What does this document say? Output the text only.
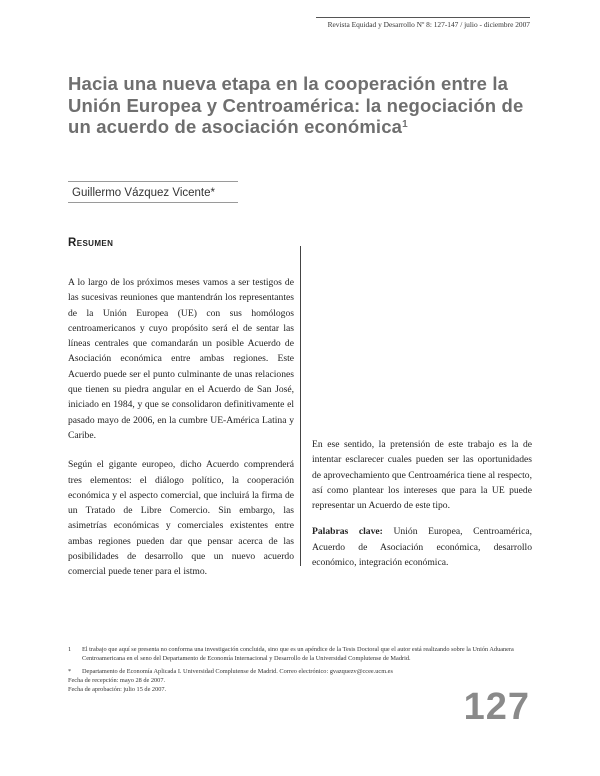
Revista Equidad y Desarrollo Nº 8: 127-147 / julio - diciembre 2007
Hacia una nueva etapa en la cooperación entre la Unión Europea y Centroamérica: la negociación de un acuerdo de asociación económica$^1$
Guillermo Vázquez Vicente*
Resumen

A lo largo de los próximos meses vamos a ser testigos de las sucesivas reuniones que mantendrán los representantes de la Unión Europea (UE) con sus homólogos centroamericanos y cuyo propósito será el de sentar las líneas centrales que comandarán un posible Acuerdo de Asociación económica entre ambas regiones. Este Acuerdo puede ser el punto culminante de unas relaciones que tienen su piedra angular en el Acuerdo de San José, iniciado en 1984, y que se consolidaron definitivamente el pasado mayo de 2006, en la cumbre UE-América Latina y Caribe.

Según el gigante europeo, dicho Acuerdo comprenderá tres elementos: el diálogo político, la cooperación económica y el aspecto comercial, que incluirá la firma de un Tratado de Libre Comercio. Sin embargo, las asimetrías económicas y comerciales existentes entre ambas regiones pueden dar que pensar acerca de las posibilidades de desarrollo que un nuevo acuerdo comercial puede tener para el istmo.

En ese sentido, la pretensión de este trabajo es la de intentar esclarecer cuales pueden ser las oportunidades de aprovechamiento que Centroamérica tiene al respecto, así como plantear los intereses que para la UE puede representar un Acuerdo de este tipo.

Palabras clave: Unión Europea, Centroamérica, Acuerdo de Asociación económica, desarrollo económico, integración económica.

1	El trabajo que aquí se presenta no conforma una investigación concluida, sino que es un apéndice de la Tesis Doctoral que el autor está realizando sobre la Unión Aduanera Centroamericana en el seno del Departamento de Economía Internacional y Desarrollo de la Universidad Complutense de Madrid.
*	Departamento de Economía Aplicada I. Universidad Complutense de Madrid. Correo electrónico: gvazquezv@ccee.ucm.es

Fecha de recepción: mayo 28 de 2007.

Fecha de aprobación: julio 15 de 2007.	127
